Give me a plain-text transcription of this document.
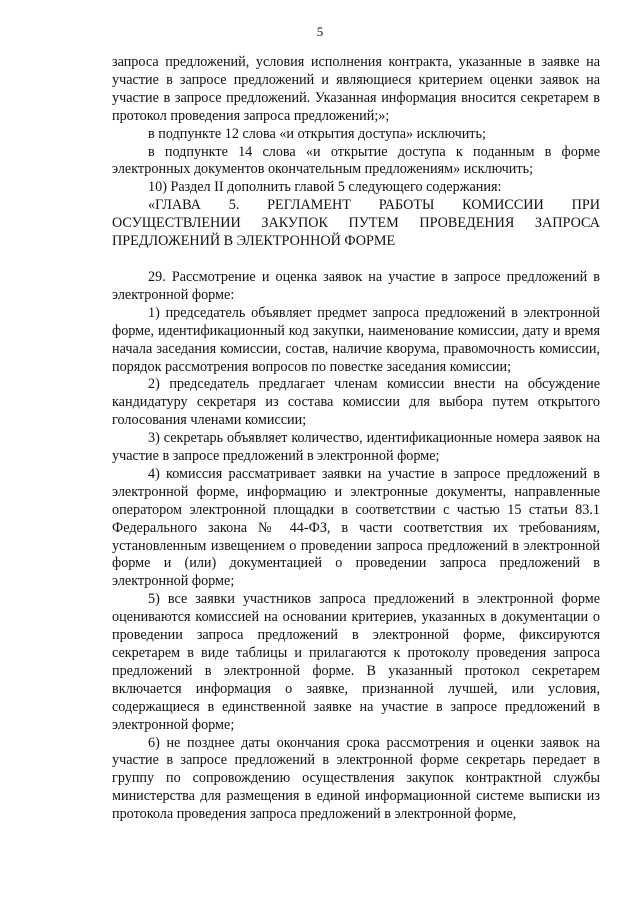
5

запроса предложений, условия исполнения контракта, указанные в заявке на участие в запросе предложений и являющиеся критерием оценки заявок на участие в запросе предложений. Указанная информация вносится секретарем в протокол проведения запроса предложений;»;

в подпункте 12 слова «и открытия доступа» исключить;

в подпункте 14 слова «и открытие доступа к поданным в форме электронных документов окончательным предложениям» исключить;

10) Раздел II дополнить главой 5 следующего содержания:

«ГЛАВА 5. РЕГЛАМЕНТ РАБОТЫ КОМИССИИ ПРИ ОСУЩЕСТВЛЕНИИ ЗАКУПОК ПУТЕМ ПРОВЕДЕНИЯ ЗАПРОСА ПРЕДЛОЖЕНИЙ В ЭЛЕКТРОННОЙ ФОРМЕ

29. Рассмотрение и оценка заявок на участие в запросе предложений в электронной форме:

1) председатель объявляет предмет запроса предложений в электронной форме, идентификационный код закупки, наименование комиссии, дату и время начала заседания комиссии, состав, наличие кворума, правомочность комиссии, порядок рассмотрения вопросов по повестке заседания комиссии;

2) председатель предлагает членам комиссии внести на обсуждение кандидатуру секретаря из состава комиссии для выбора путем открытого голосования членами комиссии;

3) секретарь объявляет количество, идентификационные номера заявок на участие в запросе предложений в электронной форме;

4) комиссия рассматривает заявки на участие в запросе предложений в электронной форме, информацию и электронные документы, направленные оператором электронной площадки в соответствии с частью 15 статьи 83.1 Федерального закона № 44-ФЗ, в части соответствия их требованиям, установленным извещением о проведении запроса предложений в электронной форме и (или) документацией о проведении запроса предложений в электронной форме;

5) все заявки участников запроса предложений в электронной форме оцениваются комиссией на основании критериев, указанных в документации о проведении запроса предложений в электронной форме, фиксируются секретарем в виде таблицы и прилагаются к протоколу проведения запроса предложений в электронной форме. В указанный протокол секретарем включается информация о заявке, признанной лучшей, или условия, содержащиеся в единственной заявке на участие в запросе предложений в электронной форме;

6) не позднее даты окончания срока рассмотрения и оценки заявок на участие в запросе предложений в электронной форме секретарь передает в группу по сопровождению осуществления закупок контрактной службы министерства для размещения в единой информационной системе выписки из протокола проведения запроса предложений в электронной форме,
